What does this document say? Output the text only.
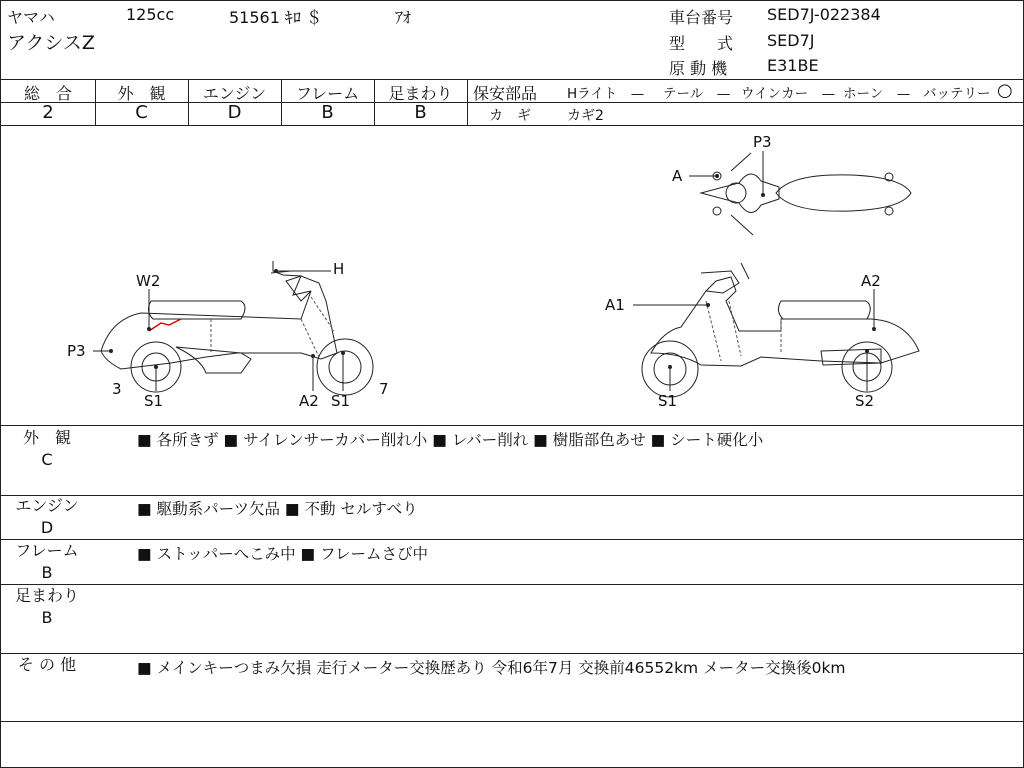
ヤマハ	125cc	51561 ｷﾛ ＄	ｱｵ
アクシスZ
車台番号 SED7J-022384
型　　式 SED7J
原 動 機 E31BE
総　合	外　観	エンジン	フレーム	足まわり
2	C	D	B	B
保安部品 Hライト　— テール　— ウインカー　— ホーン　— バッテリー ○
カ　ギ	カギ2
P3
A
W2
H
P3
3
S1	A2 S1
7
A1
A2
S1	S2
外　観
C
■ 各所きず ■ サイレンサーカバー削れ小 ■ レバー削れ ■ 樹脂部色あせ ■ シート硬化小
エンジン
D
■ 駆動系パーツ欠品 ■ 不動 セルすべり
フレーム
B
■ ストッパーへこみ中 ■ フレームさび中
足まわり
B
そ の 他	■ メインキーつまみ欠損 走行メーター交換歴あり 令和6年7月 交換前46552km メーター交換後0km
